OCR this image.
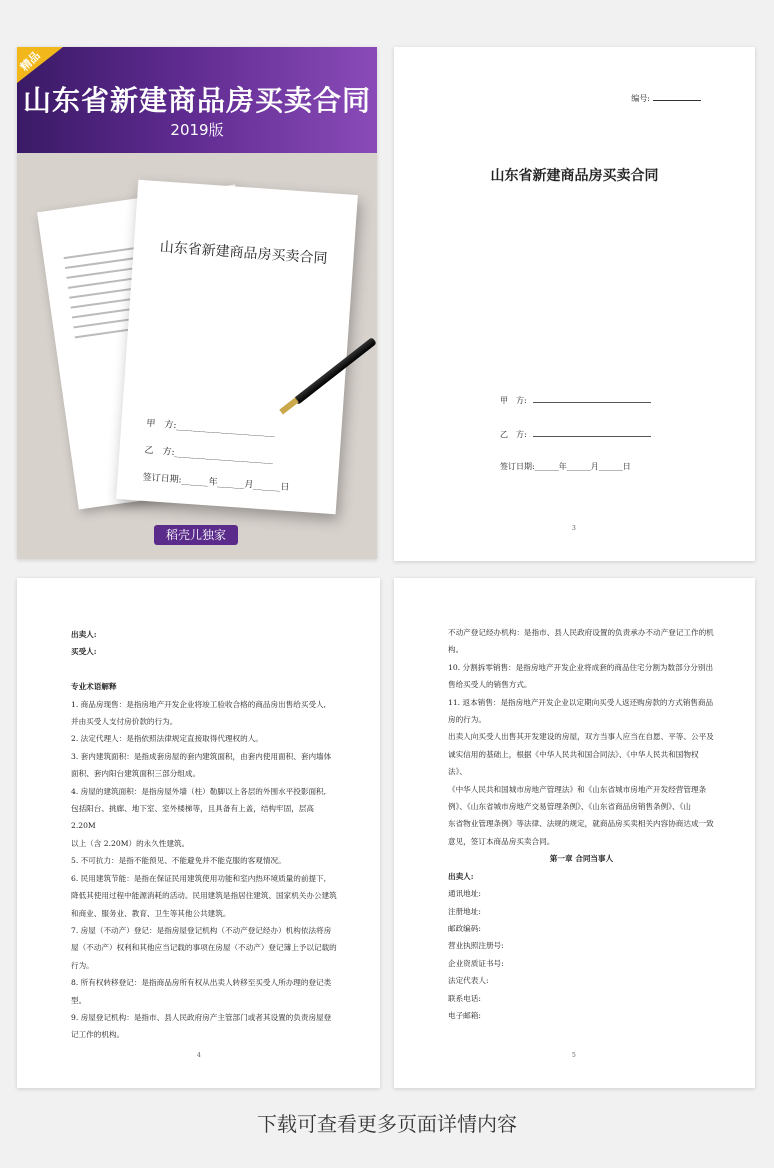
精品
山东省新建商品房买卖合同
2019版
山东省新建商品房买卖合同
甲　方:______________________
乙　方:______________________
签订日期:______年______月______日
稻壳儿独家
编号:
山东省新建商品房买卖合同
甲　方:
乙　方:
签订日期:______年______月______日
3

出卖人:

买受人:

专业术语解释

1. 商品房现售：是指房地产开发企业将竣工验收合格的商品房出售给买受人,

并由买受人支付房价款的行为。

2. 法定代理人：是指依照法律规定直接取得代理权的人。

3. 套内建筑面积：是指成套房屋的套内建筑面积，由套内使用面积、套内墙体

面积、套内阳台建筑面积三部分组成。

4. 房屋的建筑面积：是指房屋外墙（柱）勒脚以上各层的外围水平投影面积,

包括阳台、挑廊、地下室、室外楼梯等，且具备有上盖，结构牢固，层高 2.20M

以上（含 2.20M）的永久性建筑。

5. 不可抗力：是指不能预见、不能避免并不能克服的客观情况。

6. 民用建筑节能：是指在保证民用建筑使用功能和室内热环境质量的前提下,

降低其使用过程中能源消耗的活动。民用建筑是指居住建筑、国家机关办公建筑

和商业、服务业、教育、卫生等其他公共建筑。

7. 房屋（不动产）登记：是指房屋登记机构（不动产登记经办）机构依法将房

屋（不动产）权利和其他应当记载的事项在房屋（不动产）登记簿上予以记载的

行为。

8. 所有权转移登记：是指商品房所有权从出卖人转移至买受人所办理的登记类

型。

9. 房屋登记机构：是指市、县人民政府房产主管部门或者其设置的负责房屋登

记工作的机构。

4

不动产登记经办机构：是指市、县人民政府设置的负责承办不动产登记工作的机

构。

10. 分割拆零销售：是指房地产开发企业将成套的商品住宅分割为数部分分别出

售给买受人的销售方式。

11. 返本销售：是指房地产开发企业以定期向买受人返还购房款的方式销售商品

房的行为。

出卖人向买受人出售其开发建设的房屋，双方当事人应当在自愿、平等、公平及

诚实信用的基础上，根据《中华人民共和国合同法》、《中华人民共和国物权法》、

《中华人民共和国城市房地产管理法》和《山东省城市房地产开发经营管理条

例》、《山东省城市房地产交易管理条例》、《山东省商品房销售条例》、《山

东省物业管理条例》等法律、法规的规定，就商品房买卖相关内容协商达成一致

意见，签订本商品房买卖合同。

第一章 合同当事人

出卖人:

通讯地址:

注册地址:

邮政编码:

营业执照注册号:

企业资质证书号:

法定代表人:

联系电话:

电子邮箱:

5
下载可查看更多页面详情内容
